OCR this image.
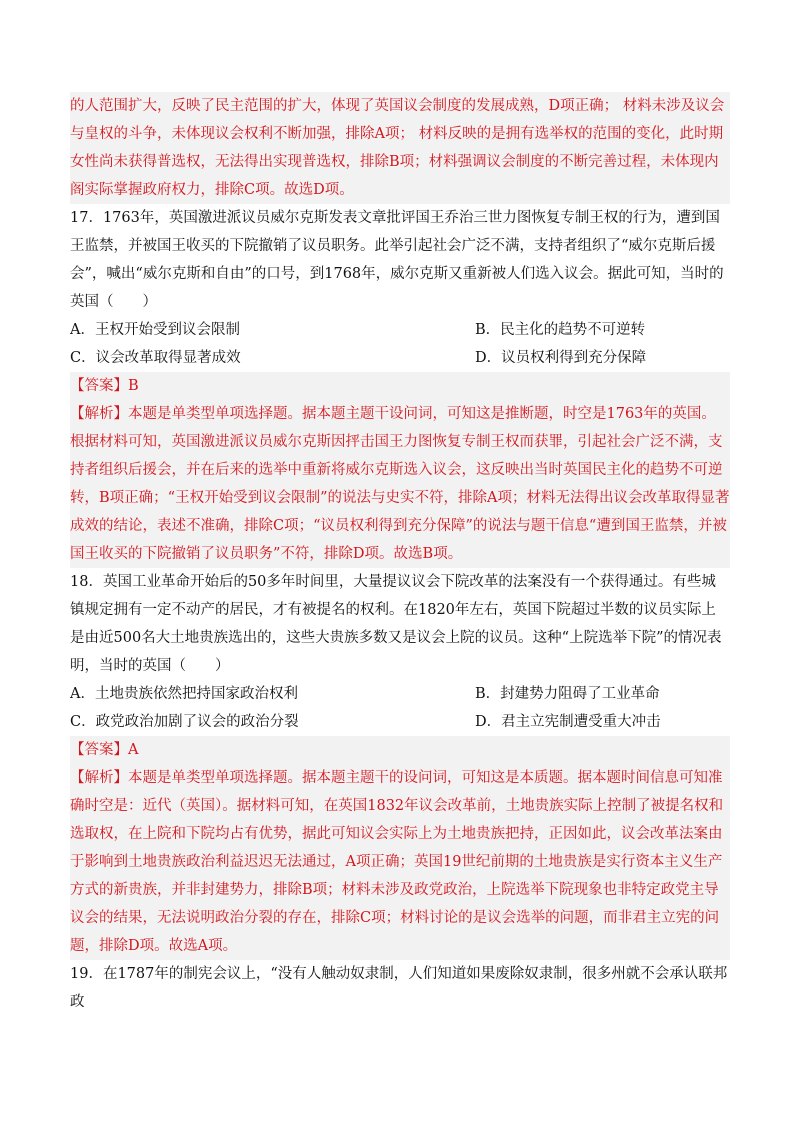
的人范围扩大，反映了民主范围的扩大，体现了英国议会制度的发展成熟，D项正确； 材料未涉及议会与皇权的斗争，未体现议会权利不断加强，排除A项； 材料反映的是拥有选举权的范围的变化，此时期女性尚未获得普选权，无法得出实现普选权，排除B项；材料强调议会制度的不断完善过程，未体现内阁实际掌握政府权力，排除C项。故选D项。
17．1763年，英国激进派议员威尔克斯发表文章批评国王乔治三世力图恢复专制王权的行为，遭到国王监禁，并被国王收买的下院撤销了议员职务。此举引起社会广泛不满，支持者组织了“威尔克斯后援会”，喊出“威尔克斯和自由”的口号，到1768年，威尔克斯又重新被人们选入议会。据此可知，当时的英国（　　）
A．王权开始受到议会限制	B．民主化的趋势不可逆转
C．议会改革取得显著成效	D．议员权利得到充分保障
【答案】B
【解析】本题是单类型单项选择题。据本题主题干设问词，可知这是推断题，时空是1763年的英国。根据材料可知，英国激进派议员威尔克斯因抨击国王力图恢复专制王权而获罪，引起社会广泛不满，支持者组织后援会，并在后来的选举中重新将威尔克斯选入议会，这反映出当时英国民主化的趋势不可逆转，B项正确；“王权开始受到议会限制”的说法与史实不符，排除A项；材料无法得出议会改革取得显著成效的结论，表述不准确，排除C项；“议员权利得到充分保障”的说法与题干信息“遭到国王监禁，并被国王收买的下院撤销了议员职务”不符，排除D项。故选B项。
18．英国工业革命开始后的50多年时间里，大量提议议会下院改革的法案没有一个获得通过。有些城镇规定拥有一定不动产的居民，才有被提名的权利。在1820年左右，英国下院超过半数的议员实际上是由近500名大土地贵族选出的，这些大贵族多数又是议会上院的议员。这种“上院选举下院”的情况表明，当时的英国（　　）
A．土地贵族依然把持国家政治权利	B．封建势力阻碍了工业革命
C．政党政治加剧了议会的政治分裂	D．君主立宪制遭受重大冲击
【答案】A
【解析】本题是单类型单项选择题。据本题主题干的设问词，可知这是本质题。据本题时间信息可知准确时空是：近代（英国）。据材料可知，在英国1832年议会改革前，土地贵族实际上控制了被提名权和选取权，在上院和下院均占有优势，据此可知议会实际上为土地贵族把持，正因如此，议会改革法案由于影响到土地贵族政治利益迟迟无法通过，A项正确；英国19世纪前期的土地贵族是实行资本主义生产方式的新贵族，并非封建势力，排除B项；材料未涉及政党政治，上院选举下院现象也非特定政党主导议会的结果，无法说明政治分裂的存在，排除C项；材料讨论的是议会选举的问题，而非君主立宪的问题，排除D项。故选A项。
19．在1787年的制宪会议上，“没有人触动奴隶制，人们知道如果废除奴隶制，很多州就不会承认联邦政
